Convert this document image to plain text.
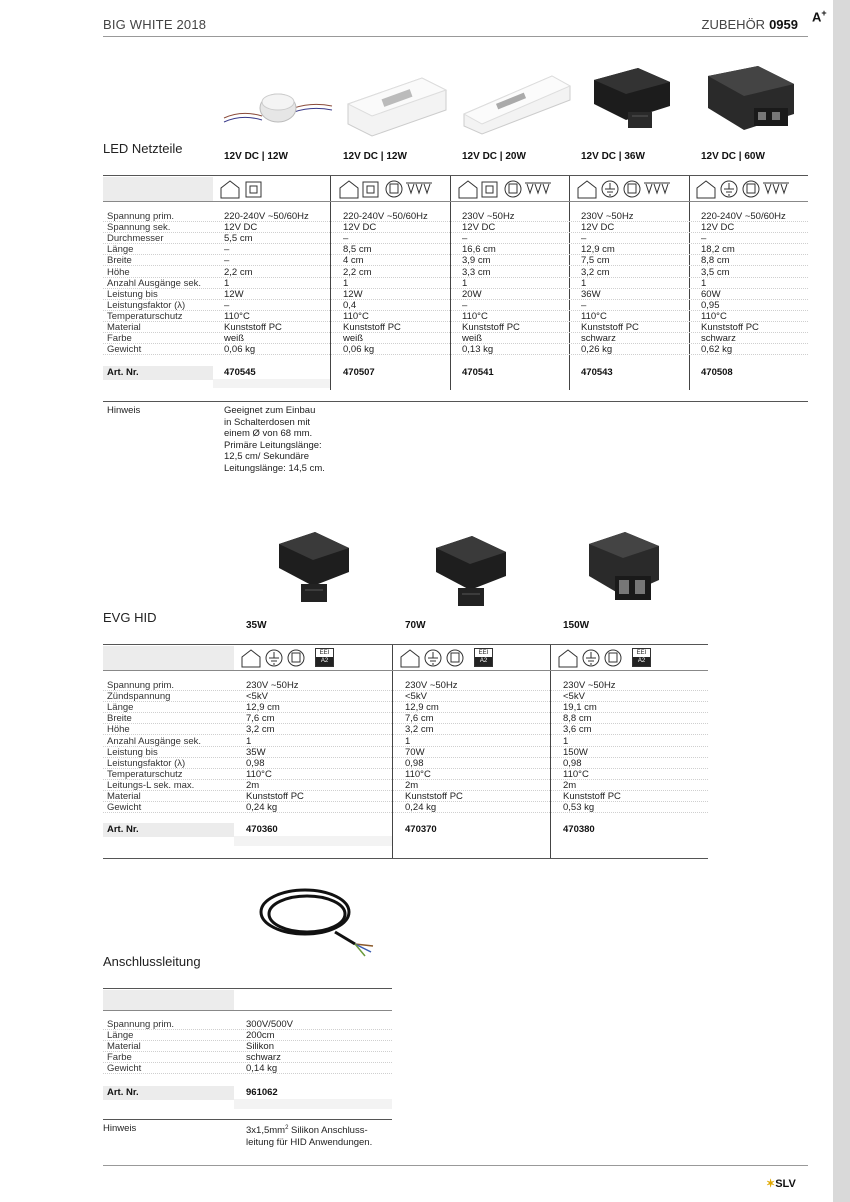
BIG WHITE 2018	ZUBEHÖR 0959
A+
LED Netzteile
12V DC | 12W	12V DC | 12W	12V DC | 20W	12V DC | 36W	12V DC | 60W
Spannung prim.	220-240V ~50/60Hz	220-240V ~50/60Hz	230V ~50Hz	230V ~50Hz	220-240V ~50/60Hz
Spannung sek.	12V DC	12V DC	12V DC	12V DC	12V DC
Durchmesser	5,5 cm	–	–	–	–
Länge	–	8,5 cm	16,6 cm	12,9 cm	18,2 cm
Breite	–	4 cm	3,9 cm	7,5 cm	8,8 cm
Höhe	2,2 cm	2,2 cm	3,3 cm	3,2 cm	3,5 cm
Anzahl Ausgänge sek. 1	1	1	1	1
Leistung bis	12W	12W	20W	36W	60W
Leistungsfaktor (λ)	–	0,4	–	–	0,95
Temperaturschutz	110°C	110°C	110°C	110°C	110°C
Material	Kunststoff PC	Kunststoff PC	Kunststoff PC	Kunststoff PC	Kunststoff PC
Farbe	weiß	weiß	weiß	schwarz	schwarz
Gewicht	0,06 kg	0,06 kg	0,13 kg	0,26 kg	0,62 kg
Art. Nr.	470545	470507	470541	470543	470508
Hinweis	Geeignet zum Einbau
in Schalterdosen mit
einem Ø von 68 mm.
Primäre Leitungslänge:
12,5 cm/ Sekundäre
Leitungslänge: 14,5 cm.
EVG HID
35W	70W	150W
EEI
A2
EEI
A2
EEI
A2
Spannung prim.	230V ~50Hz	230V ~50Hz	230V ~50Hz
Zündspannung	<5kV	<5kV	<5kV
Länge	12,9 cm	12,9 cm	19,1 cm
Breite	7,6 cm	7,6 cm	8,8 cm
Höhe	3,2 cm	3,2 cm	3,6 cm
Anzahl Ausgänge sek.	1	1	1
Leistung bis	35W	70W	150W
Leistungsfaktor (λ)	0,98	0,98	0,98
Temperaturschutz	110°C	110°C	110°C
Leitungs-L sek. max.	2m	2m	2m
Material	Kunststoff PC	Kunststoff PC	Kunststoff PC
Gewicht	0,24 kg	0,24 kg	0,53 kg
Art. Nr.	470360	470370	470380
Anschlussleitung
Spannung prim.	300V/500V
Länge	200cm
Material	Silikon
Farbe	schwarz
Gewicht	0,14 kg
Art. Nr.	961062
Hinweis	$3x1,5mm^2$ Silikon Anschluss-
leitung für HID Anwendungen.
✶SLV
